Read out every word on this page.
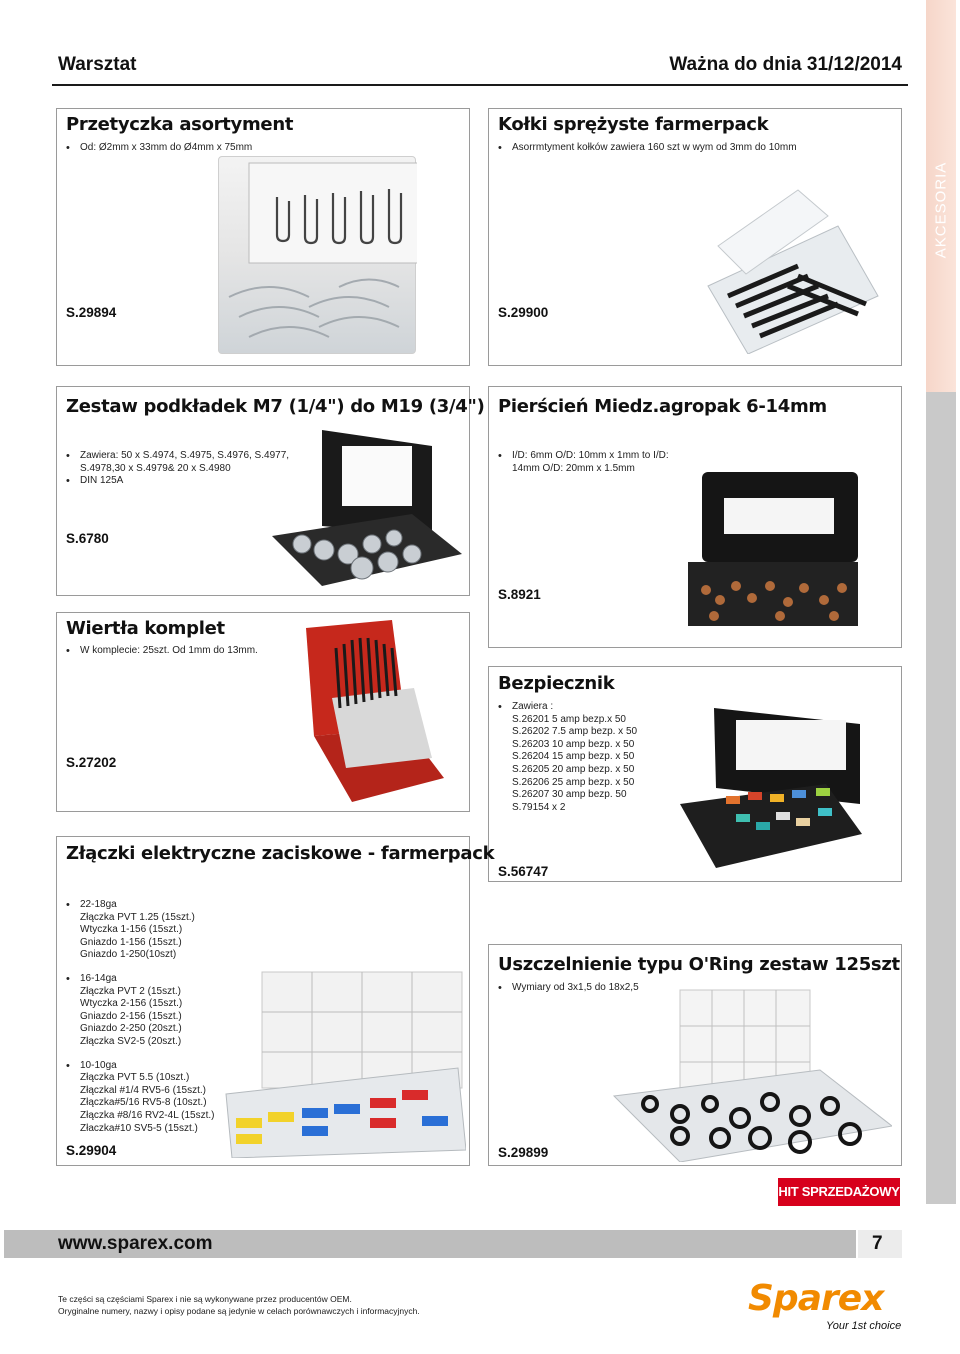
Warsztat	Ważna do dnia 31/12/2014
AKCESORIA
Przetyczka asortyment
• Od: Ø2mm x 33mm do Ø4mm x 75mm
S.29894
Kołki sprężyste farmerpack
• Asorrmtyment kołków zawiera 160 szt w wym od 3mm do 10mm
S.29900
Zestaw podkładek M7 (1/4") do M19 (3/4")
• Zawiera: 50 x S.4974, S.4975, S.4976, S.4977,
S.4978,30 x S.4979& 20 x S.4980
• DIN 125A
S.6780
Pierścień Miedz.agropak 6-14mm
• I/D: 6mm O/D: 10mm x 1mm to I/D:
14mm O/D: 20mm x 1.5mm
S.8921
Wiertła komplet
• W komplecie: 25szt. Od 1mm do 13mm.
S.27202
Bezpiecznik
• Zawiera :
S.26201 5 amp bezp.x 50
S.26202 7.5 amp bezp. x 50
S.26203 10 amp bezp. x 50
S.26204 15 amp bezp. x 50
S.26205 20 amp bezp. x 50
S.26206 25 amp bezp. x 50
S.26207 30 amp bezp. 50
S.79154 x 2
S.56747
Złączki elektryczne zaciskowe - farmerpack
• 22-18ga
Złączka PVT 1.25 (15szt.)
Wtyczka 1-156 (15szt.)
Gniazdo 1-156 (15szt.)
Gniazdo 1-250(10szt)
• 16-14ga
Złączka PVT 2 (15szt.)
Wtyczka 2-156 (15szt.)
Gniazdo 2-156 (15szt.)
Gniazdo 2-250 (20szt.)
Złączka SV2-5 (20szt.)
• 10-10ga
Złączka PVT 5.5 (10szt.)
Złączkal #1/4 RV5-6 (15szt.)
Złączka#5/16 RV5-8 (10szt.)
Złączka #8/16 RV2-4L (15szt.)
Złaczka#10 SV5-5 (15szt.)
S.29904
Uszczelnienie typu O'Ring zestaw 125szt
• Wymiary od 3x1,5 do 18x2,5
S.29899
HIT SPRZEDAŻOWY
www.sparex.com	7
Te części są częściami Sparex i nie są wykonywane przez producentów OEM.
Oryginalne numery, nazwy i opisy podane są jedynie w celach porównawczych i informacyjnych.	Sparex
Your 1st choice
